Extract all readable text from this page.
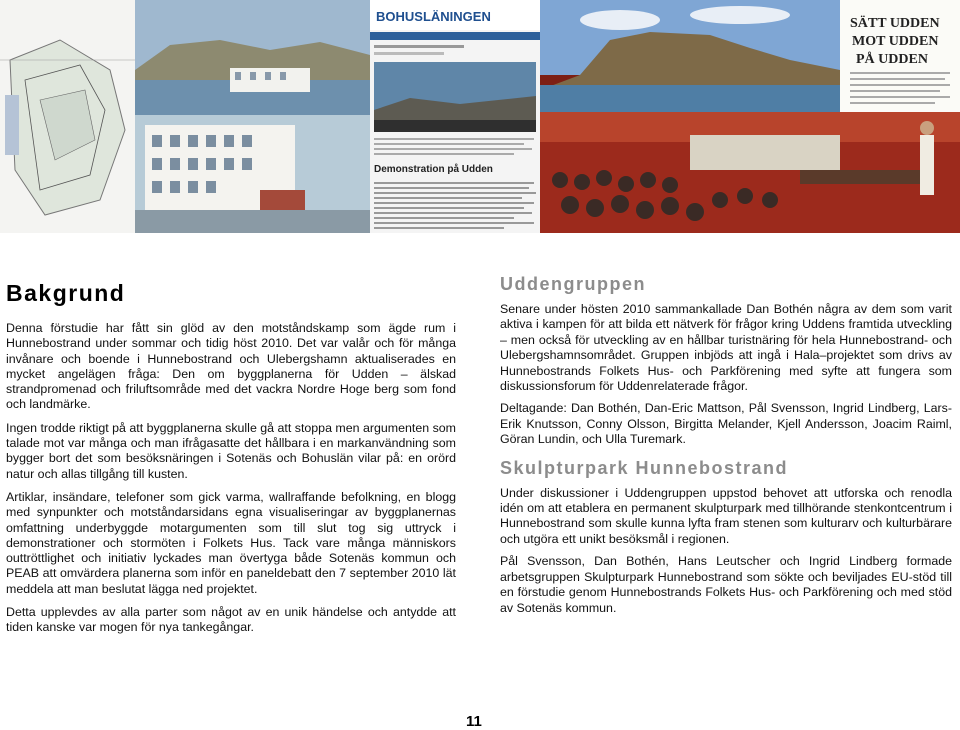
BOHUSLÄNINGEN
Demonstration på Udden
SÄTT UDDEN
MOT UDDEN
PÅ UDDEN
Bakgrund

Denna förstudie har fått sin glöd av den motståndskamp som ägde rum i Hunnebostrand under sommar och tidig höst 2010. Det var valår och för många invånare och boende i Hunnebostrand och Ulebergshamn aktualiserades en mycket angelägen fråga: Den om byggplanerna för Udden – älskad strandpromenad och friluftsområde med det vackra Nordre Hoge berg som fond och landmärke.

Ingen trodde riktigt på att byggplanerna skulle gå att stoppa men argumenten som talade mot var många och man ifrågasatte det hållbara i en markanvändning som bygger bort det som besöksnäringen i Sotenäs och Bohuslän vilar på: en orörd natur och allas tillgång till kusten.

Artiklar, insändare, telefoner som gick varma, wallraffande befolkning, en blogg med synpunkter och motståndarsidans egna visualiseringar av byggplanernas omfattning underbyggde motargumenten som till slut tog sig uttryck i demonstrationer och stormöten i Folkets Hus. Tack vare många människors outtröttlighet och initiativ lyckades man övertyga både Sotenäs kommun och PEAB att omvärdera planerna som inför en paneldebatt den 7 september 2010 lät meddela att man beslutat lägga ned projektet.

Detta upplevdes av alla parter som något av en unik händelse och antydde att tiden kanske var mogen för nya tankegångar.

Uddengruppen

Senare under hösten 2010 sammankallade Dan Bothén några av dem som varit aktiva i kampen för att bilda ett nätverk för frågor kring Uddens framtida utveckling – men också för utveckling av en hållbar turistnäring för hela Hunnebostrand- och Ulebergshamnsområdet. Gruppen inbjöds att ingå i Hala–projektet som drivs av Hunnebostrands Folkets Hus- och Parkförening med syfte att fungera som diskussionsforum för Uddenrelaterade frågor.

Deltagande: Dan Bothén, Dan-Eric Mattson, Pål Svensson, Ingrid Lindberg, Lars-Erik Knutsson, Conny Olsson, Birgitta Melander, Kjell Andersson, Joacim Raiml, Göran Lundin, och Ulla Turemark.

Skulpturpark Hunnebostrand

Under diskussioner i Uddengruppen uppstod behovet att utforska och renodla idén om att etablera en permanent skulpturpark med tillhörande stenkontcentrum i Hunnebostrand som skulle kunna lyfta fram stenen som kulturarv och kulturbärare och utgöra ett unikt besöksmål i regionen.

Pål Svensson, Dan Bothén, Hans Leutscher och Ingrid Lindberg formade arbetsgruppen Skulpturpark Hunnebostrand som sökte och beviljades EU-stöd till en förstudie genom Hunnebostrands Folkets Hus- och Parkförening och med stöd av Sotenäs kommun.

11
